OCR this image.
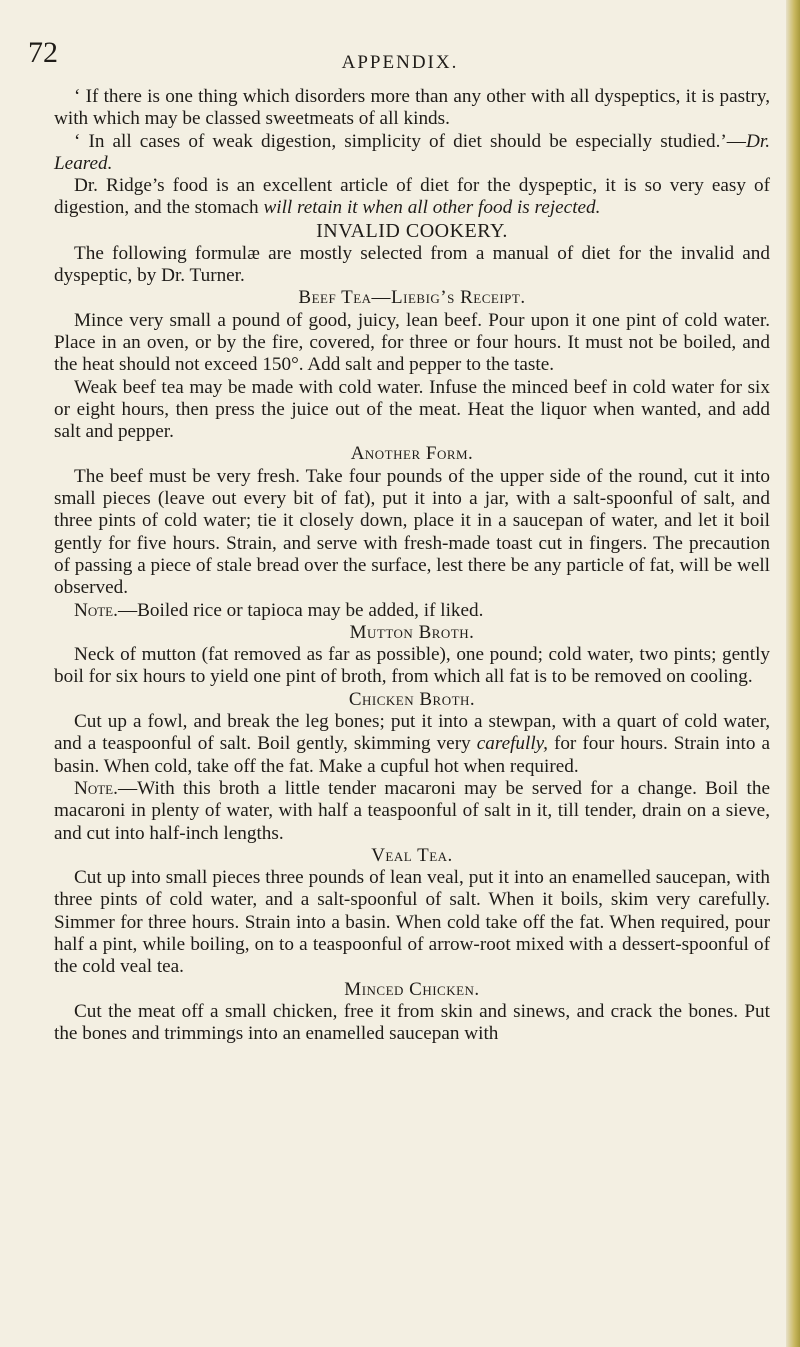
72	APPENDIX.

‘ If there is one thing which disorders more than any other with all dyspeptics, it is pastry, with which may be classed sweetmeats of all kinds.

‘ In all cases of weak digestion, simplicity of diet should be especially studied.’—Dr. Leared.

Dr. Ridge’s food is an excellent article of diet for the dyspeptic, it is so very easy of digestion, and the stomach will retain it when all other food is rejected.

INVALID COOKERY.

The following formulæ are mostly selected from a manual of diet for the invalid and dyspeptic, by Dr. Turner.

Beef Tea—Liebig’s Receipt.

Mince very small a pound of good, juicy, lean beef. Pour upon it one pint of cold water. Place in an oven, or by the fire, covered, for three or four hours. It must not be boiled, and the heat should not exceed 150°. Add salt and pepper to the taste.

Weak beef tea may be made with cold water. Infuse the minced beef in cold water for six or eight hours, then press the juice out of the meat. Heat the liquor when wanted, and add salt and pepper.

Another Form.

The beef must be very fresh. Take four pounds of the upper side of the round, cut it into small pieces (leave out every bit of fat), put it into a jar, with a salt-spoonful of salt, and three pints of cold water; tie it closely down, place it in a saucepan of water, and let it boil gently for five hours. Strain, and serve with fresh-made toast cut in fingers. The precaution of passing a piece of stale bread over the surface, lest there be any particle of fat, will be well observed.

Note.—Boiled rice or tapioca may be added, if liked.

Mutton Broth.

Neck of mutton (fat removed as far as possible), one pound; cold water, two pints; gently boil for six hours to yield one pint of broth, from which all fat is to be removed on cooling.

Chicken Broth.

Cut up a fowl, and break the leg bones; put it into a stewpan, with a quart of cold water, and a teaspoonful of salt. Boil gently, skimming very carefully, for four hours. Strain into a basin. When cold, take off the fat. Make a cupful hot when required.

Note.—With this broth a little tender macaroni may be served for a change. Boil the macaroni in plenty of water, with half a teaspoonful of salt in it, till tender, drain on a sieve, and cut into half-inch lengths.

Veal Tea.

Cut up into small pieces three pounds of lean veal, put it into an enamelled saucepan, with three pints of cold water, and a salt-spoonful of salt. When it boils, skim very carefully. Simmer for three hours. Strain into a basin. When cold take off the fat. When required, pour half a pint, while boiling, on to a teaspoonful of arrow-root mixed with a dessert-spoonful of the cold veal tea.

Minced Chicken.

Cut the meat off a small chicken, free it from skin and sinews, and crack the bones. Put the bones and trimmings into an enamelled saucepan with
